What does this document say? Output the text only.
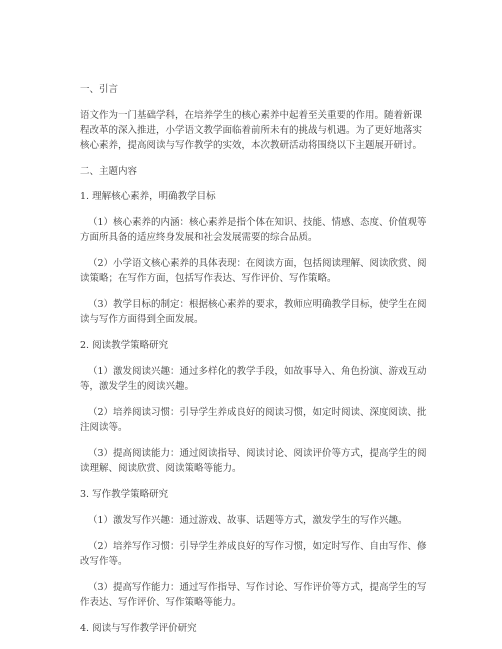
一、引言
语文作为一门基础学科，在培养学生的核心素养中起着至关重要的作用。随着新课
程改革的深入推进，小学语文教学面临着前所未有的挑战与机遇。为了更好地落实
核心素养，提高阅读与写作教学的实效，本次教研活动将围绕以下主题展开研讨。
二、主题内容
1. 理解核心素养，明确教学目标
（1）核心素养的内涵：核心素养是指个体在知识、技能、情感、态度、价值观等
方面所具备的适应终身发展和社会发展需要的综合品质。
（2）小学语文核心素养的具体表现：在阅读方面，包括阅读理解、阅读欣赏、阅
读策略；在写作方面，包括写作表达、写作评价、写作策略。
（3）教学目标的制定：根据核心素养的要求，教师应明确教学目标，使学生在阅
读与写作方面得到全面发展。
2. 阅读教学策略研究
（1）激发阅读兴趣：通过多样化的教学手段，如故事导入、角色扮演、游戏互动
等，激发学生的阅读兴趣。
（2）培养阅读习惯：引导学生养成良好的阅读习惯，如定时阅读、深度阅读、批
注阅读等。
（3）提高阅读能力：通过阅读指导、阅读讨论、阅读评价等方式，提高学生的阅
读理解、阅读欣赏、阅读策略等能力。
3. 写作教学策略研究
（1）激发写作兴趣：通过游戏、故事、话题等方式，激发学生的写作兴趣。
（2）培养写作习惯：引导学生养成良好的写作习惯，如定时写作、自由写作、修
改写作等。
（3）提高写作能力：通过写作指导、写作讨论、写作评价等方式，提高学生的写
作表达、写作评价、写作策略等能力。
4. 阅读与写作教学评价研究
